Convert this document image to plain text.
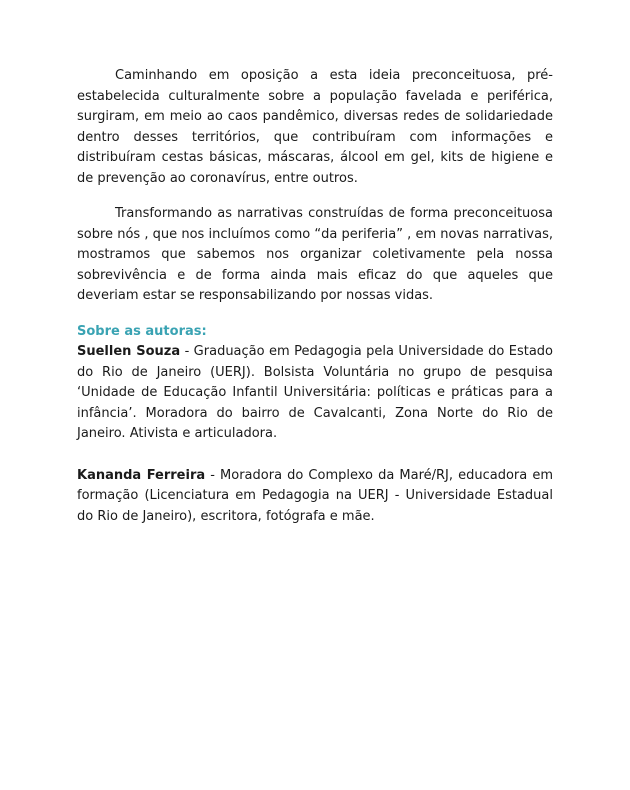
Caminhando em oposição a esta ideia preconceituosa, pré-estabelecida culturalmente sobre a população favelada e periférica, surgiram, em meio ao caos pandêmico, diversas redes de solidariedade dentro desses territórios, que contribuíram com informações e distribuíram cestas básicas, máscaras, álcool em gel, kits de higiene e de prevenção ao coronavírus, entre outros.

Transformando as narrativas construídas de forma preconceituosa sobre nós , que nos incluímos como “da periferia” , em novas narrativas, mostramos que sabemos nos organizar coletivamente pela nossa sobrevivência e de forma ainda mais eficaz do que aqueles que deveriam estar se responsabilizando por nossas vidas.

Sobre as autoras:

Suellen Souza - Graduação em Pedagogia pela Universidade do Estado do Rio de Janeiro (UERJ). Bolsista Voluntária no grupo de pesquisa ‘Unidade de Educação Infantil Universitária: políticas e práticas para a infância’. Moradora do bairro de Cavalcanti, Zona Norte do Rio de Janeiro. Ativista e articuladora.

Kananda Ferreira - Moradora do Complexo da Maré/RJ, educadora em formação (Licenciatura em Pedagogia na UERJ - Universidade Estadual do Rio de Janeiro), escritora, fotógrafa e mãe.
